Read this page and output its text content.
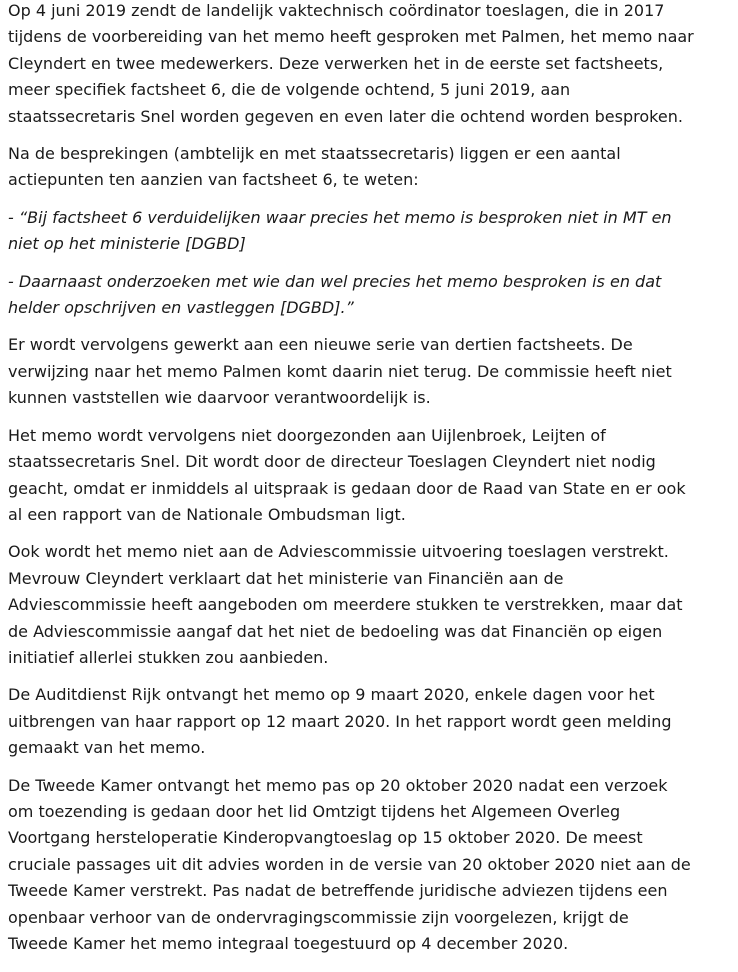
Op 4 juni 2019 zendt de landelijk vaktechnisch coördinator toeslagen, die in 2017
tijdens de voorbereiding van het memo heeft gesproken met Palmen, het memo naar
Cleyndert en twee medewerkers. Deze verwerken het in de eerste set factsheets,
meer specifiek factsheet 6, die de volgende ochtend, 5 juni 2019, aan
staatssecretaris Snel worden gegeven en even later die ochtend worden besproken.

Na de besprekingen (ambtelijk en met staatssecretaris) liggen er een aantal
actiepunten ten aanzien van factsheet 6, te weten:

- “Bij factsheet 6 verduidelijken waar precies het memo is besproken niet in MT en
niet op het ministerie [DGBD]

- Daarnaast onderzoeken met wie dan wel precies het memo besproken is en dat
helder opschrijven en vastleggen [DGBD].”

Er wordt vervolgens gewerkt aan een nieuwe serie van dertien factsheets. De
verwijzing naar het memo Palmen komt daarin niet terug. De commissie heeft niet
kunnen vaststellen wie daarvoor verantwoordelijk is.

Het memo wordt vervolgens niet doorgezonden aan Uijlenbroek, Leijten of
staatssecretaris Snel. Dit wordt door de directeur Toeslagen Cleyndert niet nodig
geacht, omdat er inmiddels al uitspraak is gedaan door de Raad van State en er ook
al een rapport van de Nationale Ombudsman ligt.

Ook wordt het memo niet aan de Adviescommissie uitvoering toeslagen verstrekt.
Mevrouw Cleyndert verklaart dat het ministerie van Financiën aan de
Adviescommissie heeft aangeboden om meerdere stukken te verstrekken, maar dat
de Adviescommissie aangaf dat het niet de bedoeling was dat Financiën op eigen
initiatief allerlei stukken zou aanbieden.

De Auditdienst Rijk ontvangt het memo op 9 maart 2020, enkele dagen voor het
uitbrengen van haar rapport op 12 maart 2020. In het rapport wordt geen melding
gemaakt van het memo.

De Tweede Kamer ontvangt het memo pas op 20 oktober 2020 nadat een verzoek
om toezending is gedaan door het lid Omtzigt tijdens het Algemeen Overleg
Voortgang hersteloperatie Kinderopvangtoeslag op 15 oktober 2020. De meest
cruciale passages uit dit advies worden in de versie van 20 oktober 2020 niet aan de
Tweede Kamer verstrekt. Pas nadat de betreffende juridische adviezen tijdens een
openbaar verhoor van de ondervragingscommissie zijn voorgelezen, krijgt de
Tweede Kamer het memo integraal toegestuurd op 4 december 2020.
